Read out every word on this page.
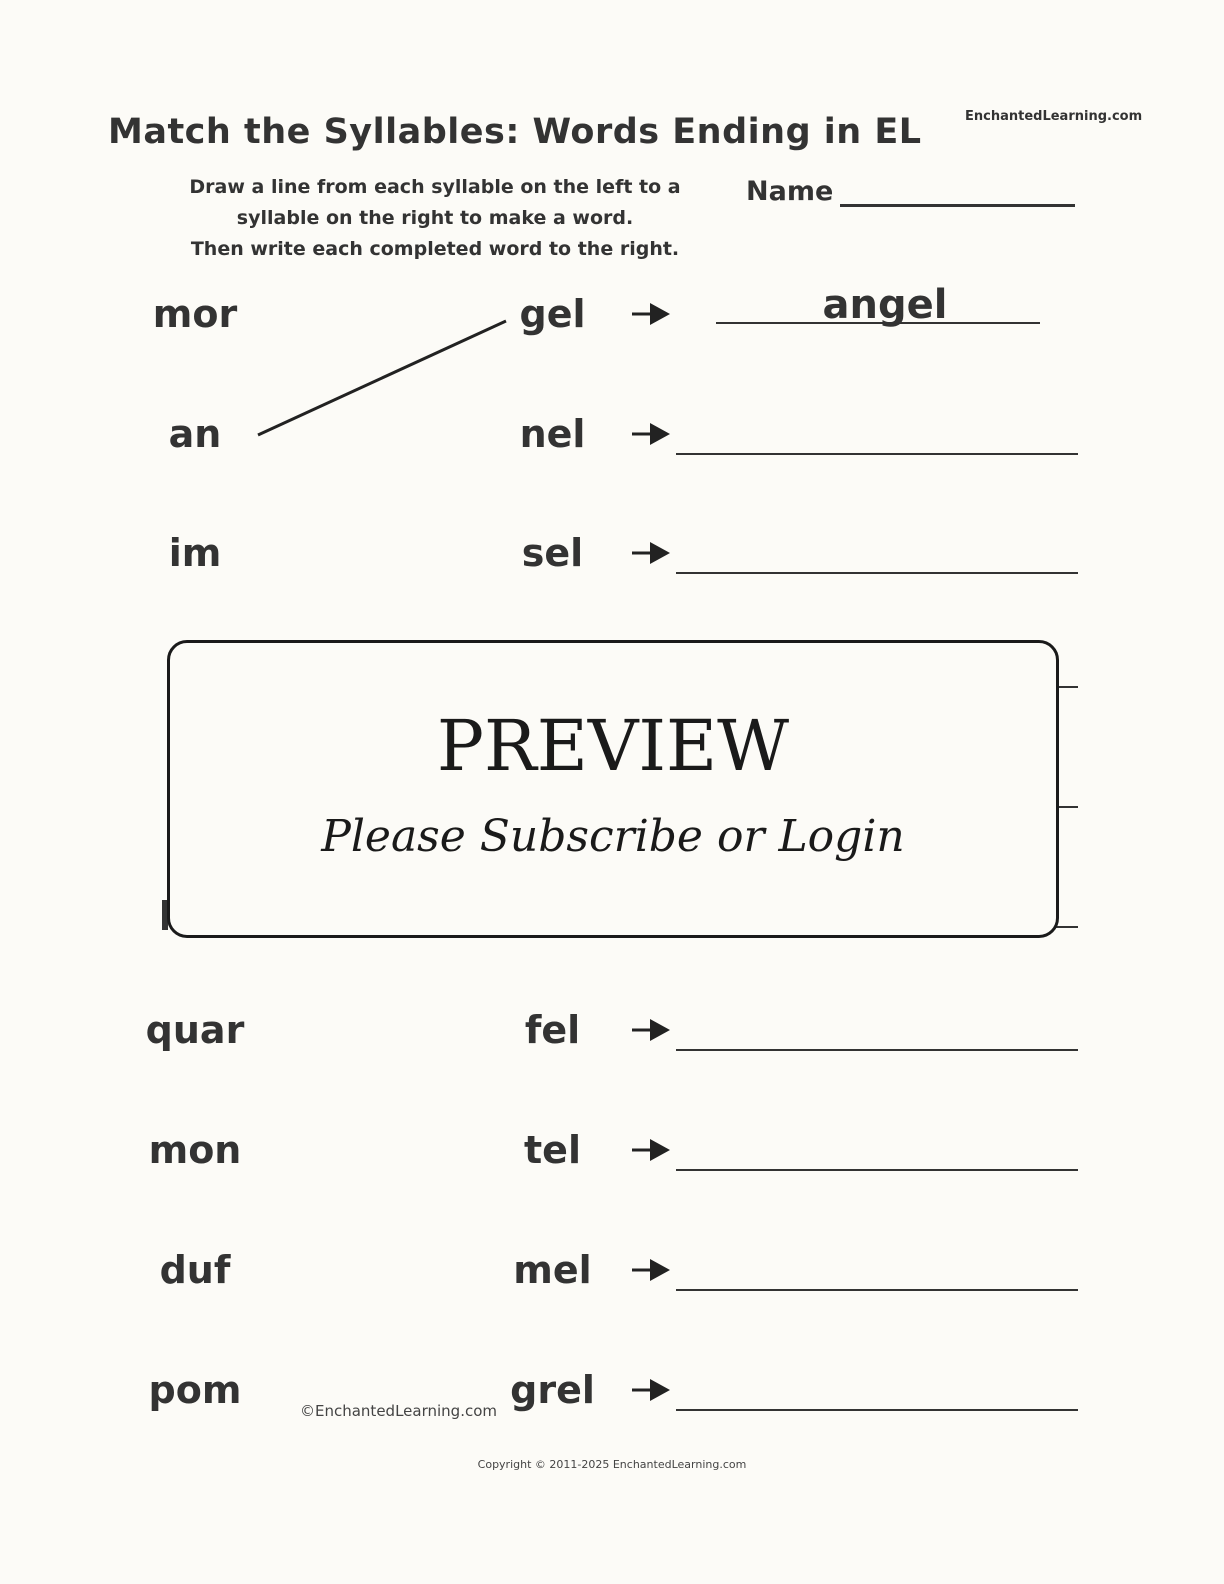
Match the Syllables: Words Ending in EL	EnchantedLearning.com
Draw a line from each syllable on the left to a
syllable on the right to make a word.
Then write each completed word to the right.
Name
mor	gel	angel
an	nel
im	sel
PREVIEW
Please Subscribe or Login
quar	fel
mon	tel
duf	mel
pom	grel
©EnchantedLearning.com
Copyright © 2011-2025 EnchantedLearning.com
